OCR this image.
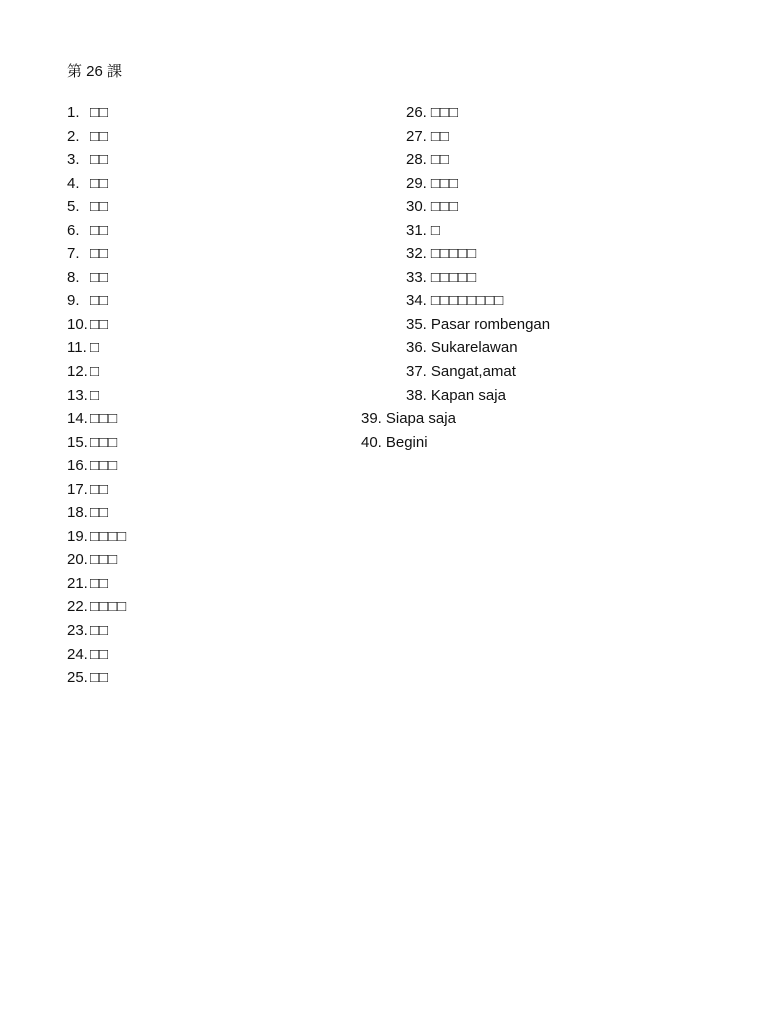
第 26 課
1. □□
2. □□
3. □□
4. □□
5. □□
6. □□
7. □□
8. □□
9. □□
10. □□
11. □
12. □
13. □
14. □□□
15. □□□
16. □□□
17. □□
18. □□
19. □□□□
20. □□□
21. □□
22. □□□□
23. □□
24. □□
25. □□
26. □□□
27. □□
28. □□
29. □□□
30. □□□
31. □
32. □□□□□
33. □□□□□
34. □□□□□□□□
35. Pasar rombengan
36. Sukarelawan
37. Sangat,amat
38. Kapan saja
39. Siapa saja
40. Begini
